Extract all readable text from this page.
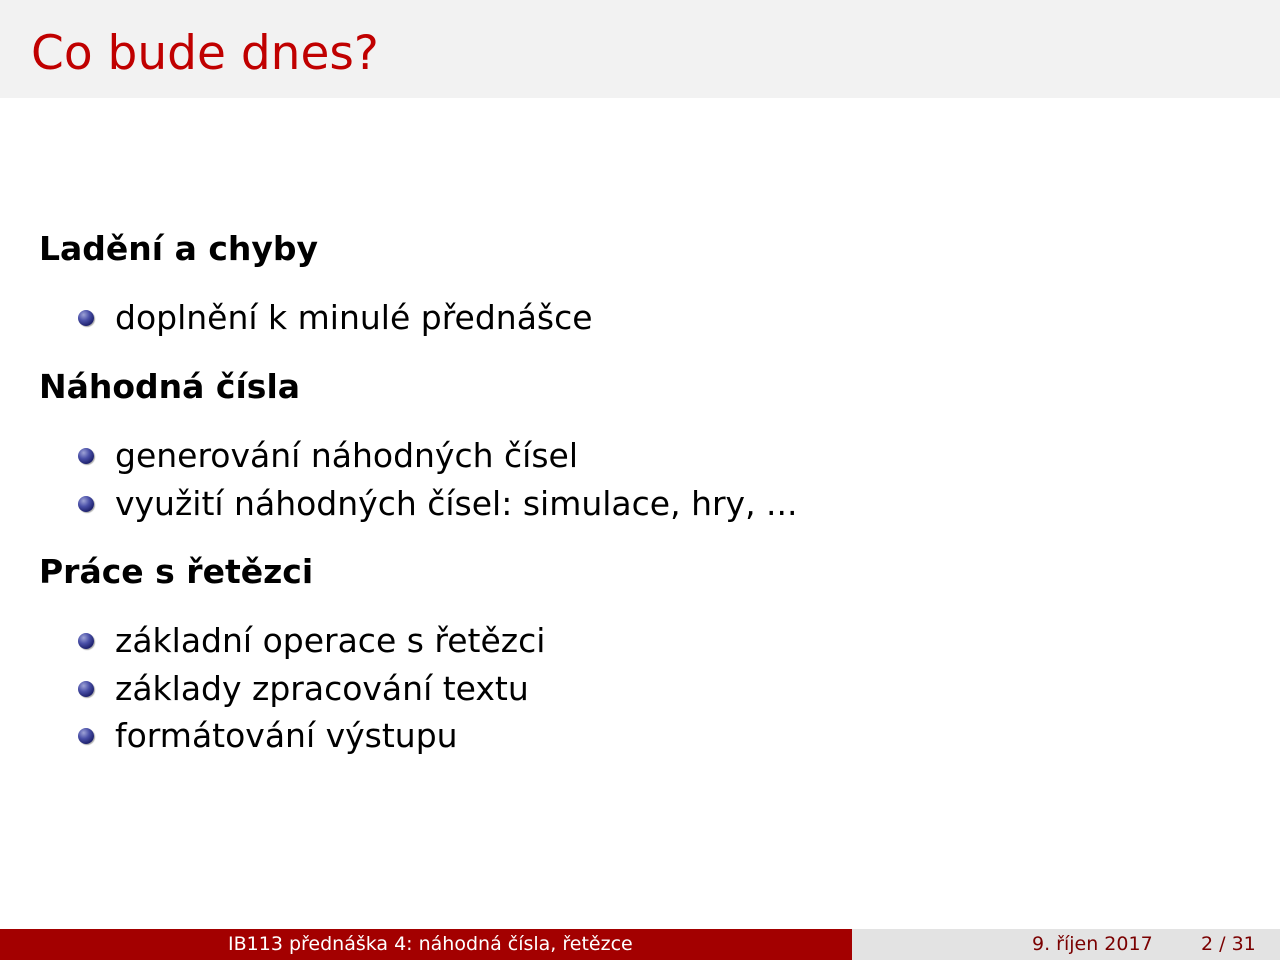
Co bude dnes?
Ladění a chyby
doplnění k minulé přednášce
Náhodná čísla
generování náhodných čísel
využití náhodných čísel: simulace, hry, ...
Práce s řetězci
základní operace s řetězci
základy zpracování textu
formátování výstupu
IB113 přednáška 4: náhodná čísla, řetězce	9. říjen 2017	2 / 31
